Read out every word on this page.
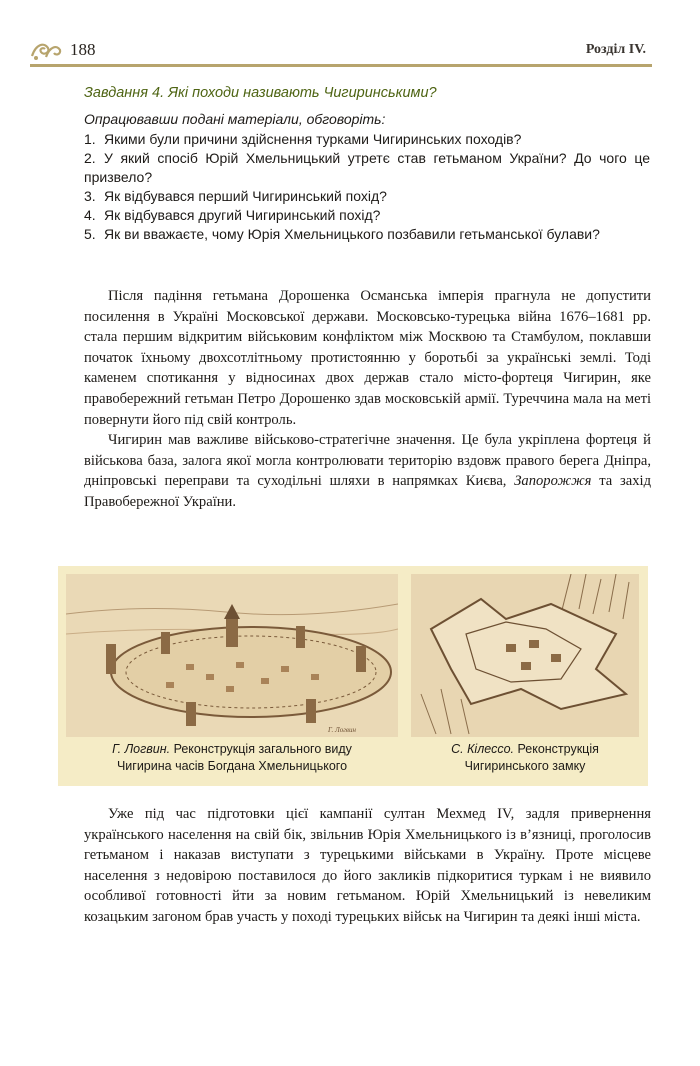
188	Розділ IV.

Завдання 4. Які походи називають Чигиринськими?

Опрацювавши подані матеріали, обговоріть:

1. Якими були причини здійснення турками Чигиринських походів?
2. У який спосіб Юрій Хмельницький утретє став гетьманом України? До чого це призвело?
3. Як відбувався перший Чигиринський похід?
4. Як відбувався другий Чигиринський похід?
5. Як ви вважаєте, чому Юрія Хмельницького позбавили гетьманської булави?

Після падіння гетьмана Дорошенка Османська імперія прагнула не допустити посилення в Україні Московської держави. Московсько-турецька війна 1676–1681 рр. стала першим відкритим військовим конфліктом між Москвою та Стамбулом, поклавши початок їхньому двохсотлітньому протистоянню у боротьбі за українські землі. Тоді каменем спотикання у відносинах двох держав стало місто-фортеця Чигирин, яке правобережний гетьман Петро Дорошенко здав московській армії. Туреччина мала на меті повернути його під свій контроль.

Чигирин мав важливе військово-стратегічне значення. Це була укріплена фортеця й військова база, залога якої могла контролювати територію вздовж правого берега Дніпра, дніпровські переправи та суходільні шляхи в напрямках Києва, Запорожжя та захід Правобережної України.

Г. Логвин
Г. Логвин. Реконструкція загального виду
Чигирина часів Богдана Хмельницького
С. Кілессо. Реконструкція
Чигиринського замку

Уже під час підготовки цієї кампанії султан Мехмед IV, задля привернення українського населення на свій бік, звільнив Юрія Хмельницького із в’язниці, проголосив гетьманом і наказав виступати з турецькими військами в Україну. Проте місцеве населення з недовірою поставилося до його закликів підкоритися туркам і не виявило особливої готовності йти за новим гетьманом. Юрій Хмельницький із невеликим козацьким загоном брав участь у поході турецьких військ на Чигирин та деякі інші міста.
